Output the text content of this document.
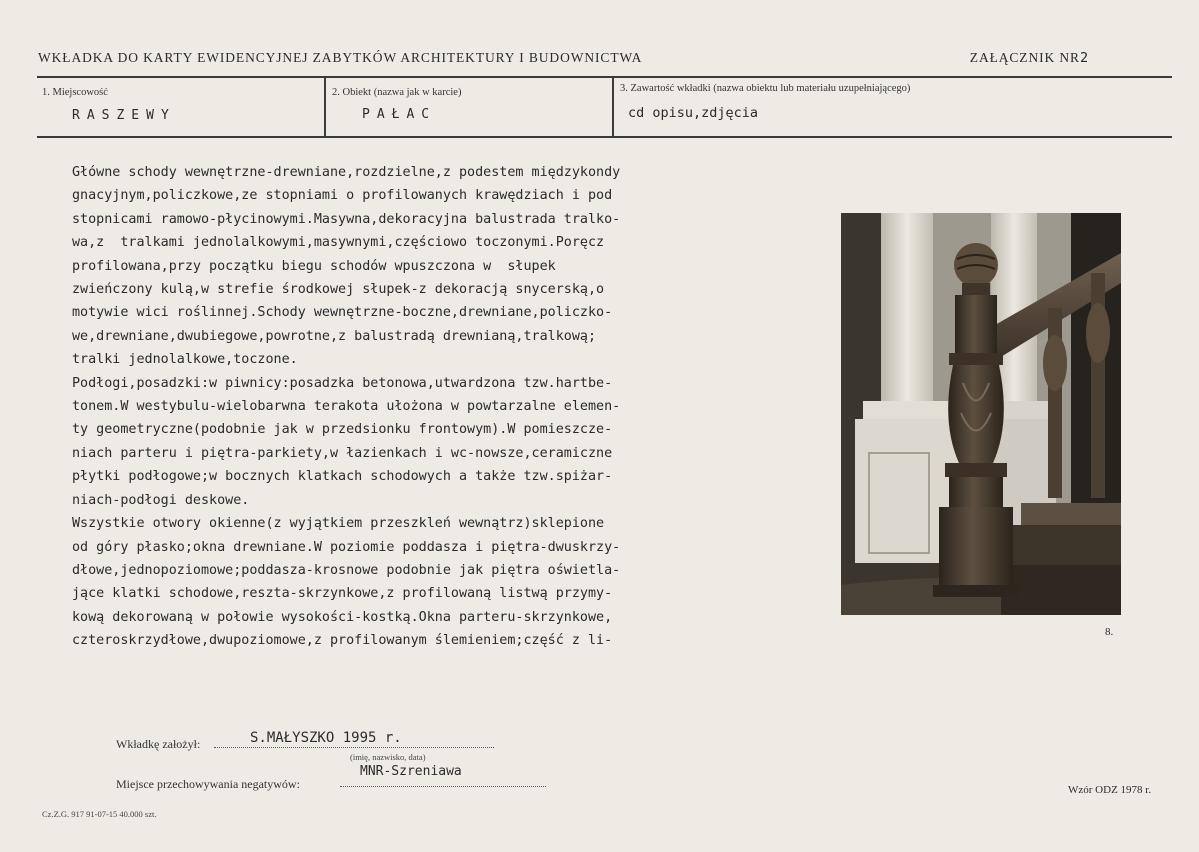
WKŁADKA DO KARTY EWIDENCYJNEJ ZABYTKÓW ARCHITEKTURY I BUDOWNICTWA	ZAŁĄCZNIK NR2
1. Miejscowość
RASZEWY
2. Obiekt (nazwa jak w karcie)
PAŁAC
3. Zawartość wkładki (nazwa obiektu lub materiału uzupełniającego)
cd opisu,zdjęcia
Główne schody wewnętrzne-drewniane,rozdzielne,z podestem międzykondy
gnacyjnym,policzkowe,ze stopniami o profilowanych krawędziach i pod
stopnicami ramowo-płycinowymi.Masywna,dekoracyjna balustrada tralko-
wa,z  tralkami jednolalkowymi,masywnymi,częściowo toczonymi.Poręcz
profilowana,przy początku biegu schodów wpuszczona w  słupek
zwieńczony kulą,w strefie środkowej słupek-z dekoracją snycerską,o
motywie wici roślinnej.Schody wewnętrzne-boczne,drewniane,policzko-
we,drewniane,dwubiegowe,powrotne,z balustradą drewnianą,tralkową;
tralki jednolalkowe,toczone.
Podłogi,posadzki:w piwnicy:posadzka betonowa,utwardzona tzw.hartbe-
tonem.W westybulu-wielobarwna terakota ułożona w powtarzalne elemen-
ty geometryczne(podobnie jak w przedsionku frontowym).W pomieszcze-
niach parteru i piętra-parkiety,w łazienkach i wc-nowsze,ceramiczne
płytki podłogowe;w bocznych klatkach schodowych a także tzw.spiżar-
niach-podłogi deskowe.
Wszystkie otwory okienne(z wyjątkiem przeszkleń wewnątrz)sklepione
od góry płasko;okna drewniane.W poziomie poddasza i piętra-dwuskrzy-
dłowe,jednopoziomowe;poddasza-krosnowe podobnie jak piętra oświetla-
jące klatki schodowe,reszta-skrzynkowe,z profilowaną listwą przymy-
kową dekorowaną w połowie wysokości-kostką.Okna parteru-skrzynkowe,
czteroskrzydłowe,dwupoziomowe,z profilowanym ślemieniem;część z li-
8.
Wkładkę założył:	S.MAŁYSZKO 1995 r.
(imię, nazwisko, data)
Miejsce przechowywania negatywów:
MNR-Szreniawa
Cz.Z.G. 917 91-07-15 40.000 szt.
Wzór ODZ 1978 r.
